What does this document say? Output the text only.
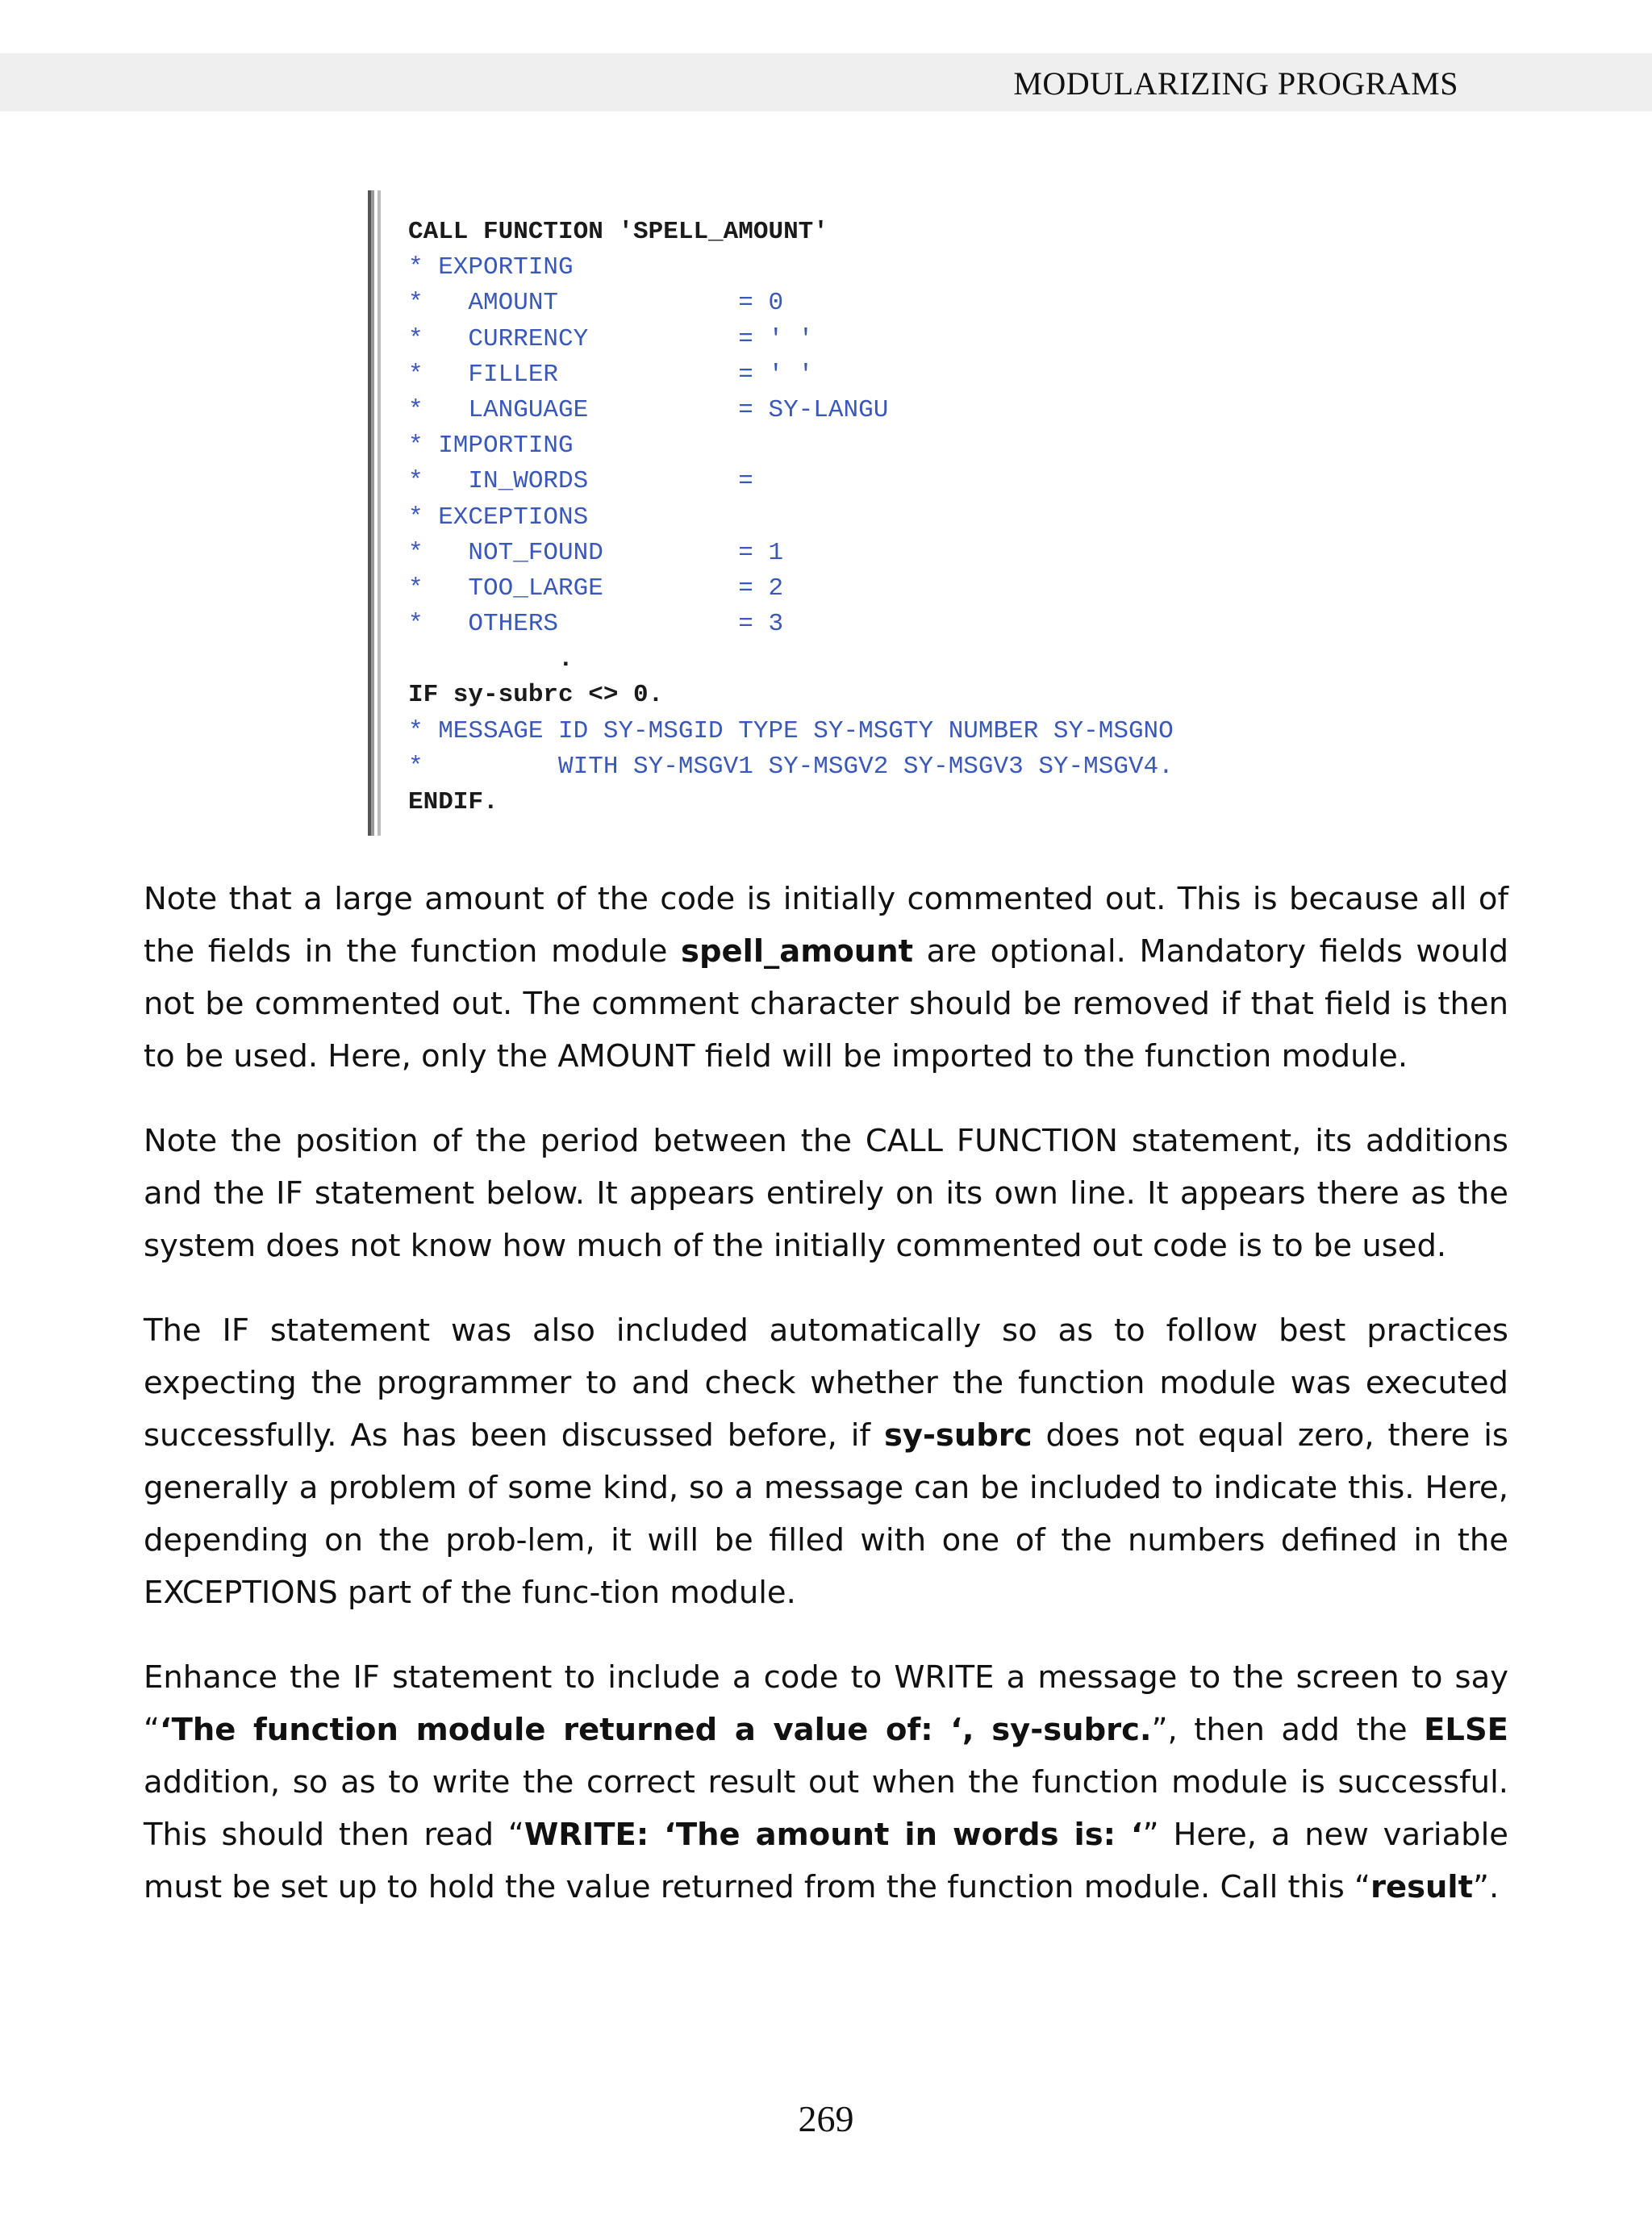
MODULARIZING PROGRAMS
CALL FUNCTION 'SPELL_AMOUNT'
* EXPORTING
*   AMOUNT            = 0
*   CURRENCY          = ' '
*   FILLER            = ' '
*   LANGUAGE          = SY-LANGU
* IMPORTING
*   IN_WORDS          =
* EXCEPTIONS
*   NOT_FOUND         = 1
*   TOO_LARGE         = 2
*   OTHERS            = 3
.
IF sy-subrc <> 0.
* MESSAGE ID SY-MSGID TYPE SY-MSGTY NUMBER SY-MSGNO
*         WITH SY-MSGV1 SY-MSGV2 SY-MSGV3 SY-MSGV4.
ENDIF.

Note that a large amount of the code is initially commented out. This is because all of the fields in the function module spell_amount are optional. Mandatory fields would not be commented out. The comment character should be removed if that field is then to be used. Here, only the AMOUNT field will be imported to the function module.

Note the position of the period between the CALL FUNCTION statement, its additions and the IF statement below. It appears entirely on its own line. It appears there as the system does not know how much of the initially commented out code is to be used.

The IF statement was also included automatically so as to follow best practices expecting the programmer to and check whether the function module was executed successfully. As has been discussed before, if sy-subrc does not equal zero, there is generally a problem of some kind, so a message can be included to indicate this. Here, depending on the prob-lem, it will be filled with one of the numbers defined in the EXCEPTIONS part of the func-tion module.

Enhance the IF statement to include a code to WRITE a message to the screen to say “‘The function module returned a value of: ‘, sy-subrc.”, then add the ELSE addition, so as to write the correct result out when the function module is successful. This should then read “WRITE: ‘The amount in words is: ‘” Here, a new variable must be set up to hold the value returned from the function module. Call this “result”.

269
